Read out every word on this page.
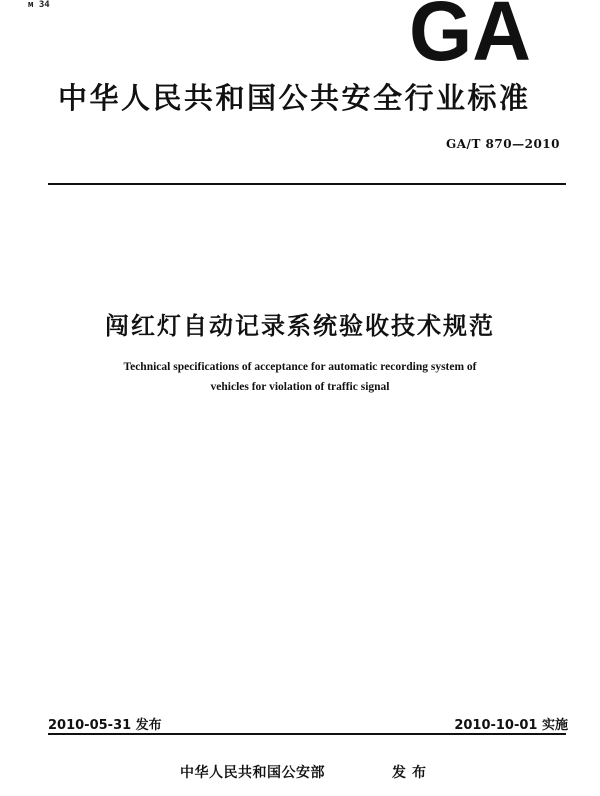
м 34	GA
中华人民共和国公共安全行业标准
GA/T 870—2010
闯红灯自动记录系统验收技术规范
Technical specifications of acceptance for automatic recording system of
vehicles for violation of traffic signal
2010-05-31 发布	2010-10-01 实施
中华人民共和国公安部	发布
